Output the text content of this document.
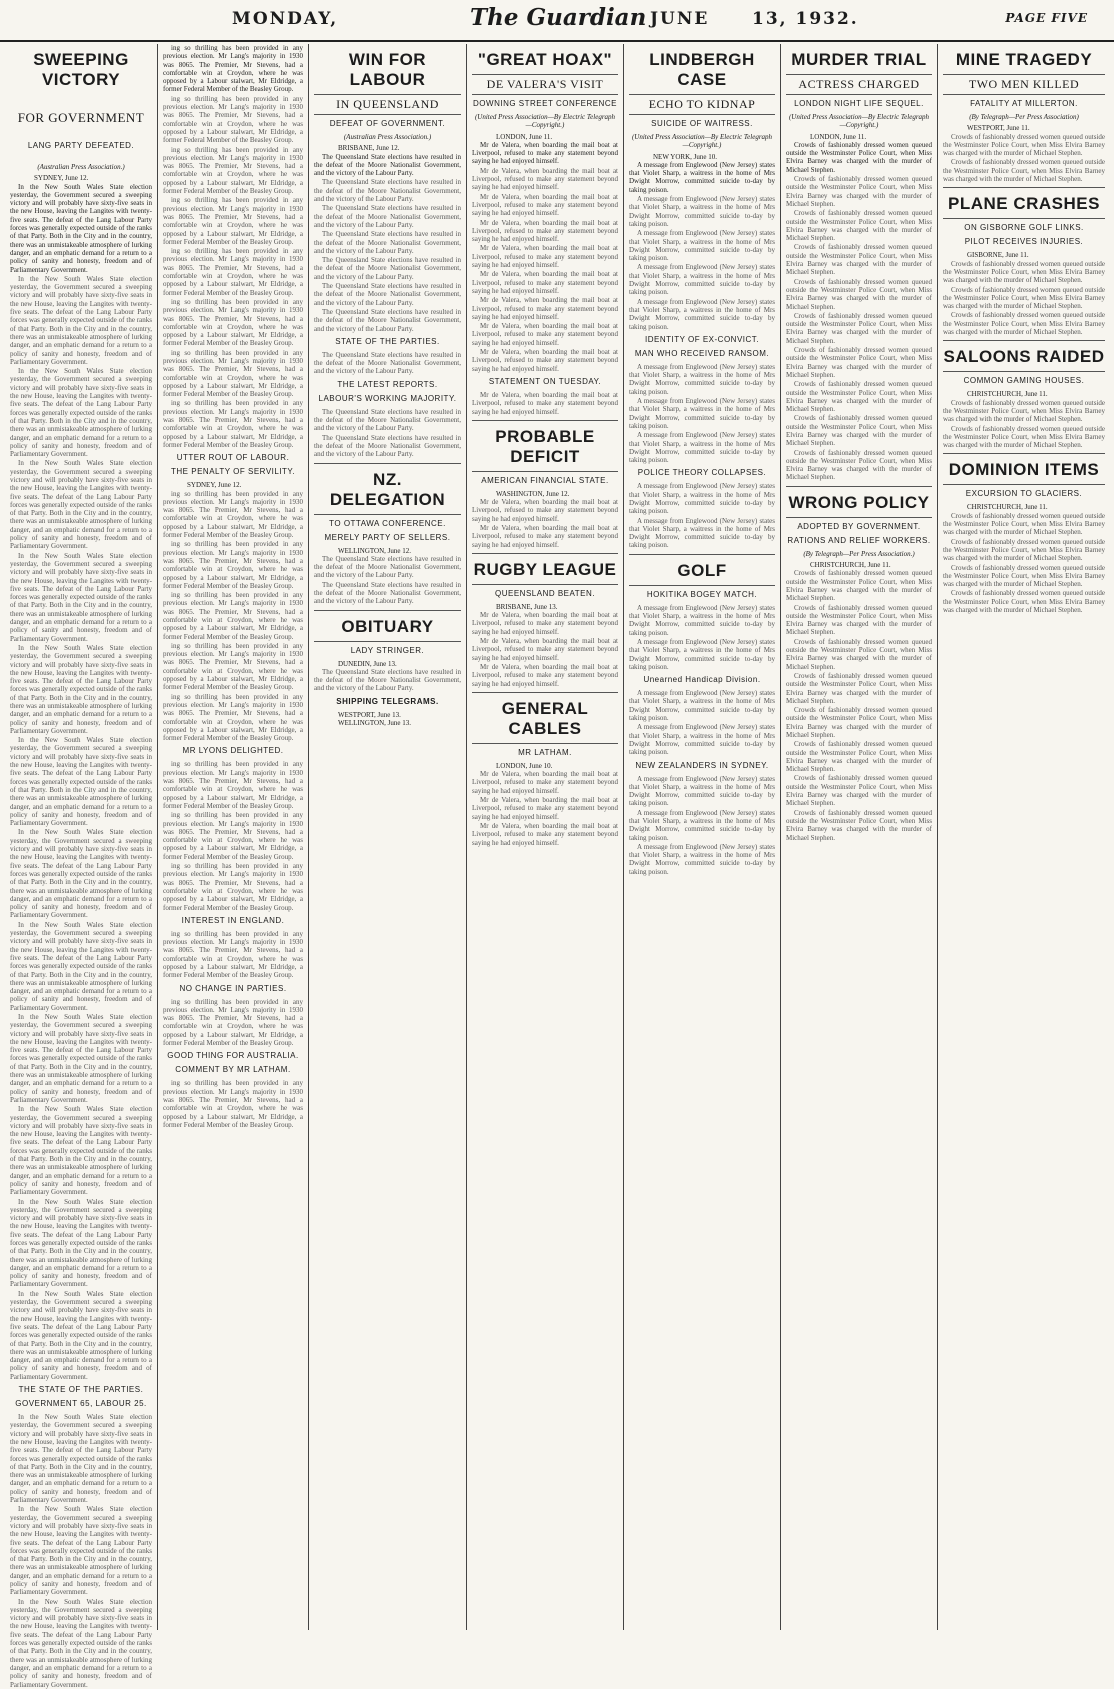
MONDAY,	The Guardian JUNE	13, 1932.	PAGE FIVE
SWEEPING VICTORY
FOR GOVERNMENT
LANG PARTY DEFEATED.
(Australian Press Association.)
SYDNEY, June 12.

In the New South Wales State election yesterday, the Government secured a sweeping victory and will probably have sixty-five seats in the new House, leaving the Langites with twenty-five seats. The defeat of the Lang Labour Party forces was generally expected outside of the ranks of that Party. Both in the City and in the country, there was an unmistakeable atmosphere of lurking danger, and an emphatic demand for a return to a policy of sanity and honesty, freedom and of Parliamentary Government.

In the New South Wales State election yesterday, the Government secured a sweeping victory and will probably have sixty-five seats in the new House, leaving the Langites with twenty-five seats. The defeat of the Lang Labour Party forces was generally expected outside of the ranks of that Party. Both in the City and in the country, there was an unmistakeable atmosphere of lurking danger, and an emphatic demand for a return to a policy of sanity and honesty, freedom and of Parliamentary Government.

In the New South Wales State election yesterday, the Government secured a sweeping victory and will probably have sixty-five seats in the new House, leaving the Langites with twenty-five seats. The defeat of the Lang Labour Party forces was generally expected outside of the ranks of that Party. Both in the City and in the country, there was an unmistakeable atmosphere of lurking danger, and an emphatic demand for a return to a policy of sanity and honesty, freedom and of Parliamentary Government.

In the New South Wales State election yesterday, the Government secured a sweeping victory and will probably have sixty-five seats in the new House, leaving the Langites with twenty-five seats. The defeat of the Lang Labour Party forces was generally expected outside of the ranks of that Party. Both in the City and in the country, there was an unmistakeable atmosphere of lurking danger, and an emphatic demand for a return to a policy of sanity and honesty, freedom and of Parliamentary Government.

In the New South Wales State election yesterday, the Government secured a sweeping victory and will probably have sixty-five seats in the new House, leaving the Langites with twenty-five seats. The defeat of the Lang Labour Party forces was generally expected outside of the ranks of that Party. Both in the City and in the country, there was an unmistakeable atmosphere of lurking danger, and an emphatic demand for a return to a policy of sanity and honesty, freedom and of Parliamentary Government.

In the New South Wales State election yesterday, the Government secured a sweeping victory and will probably have sixty-five seats in the new House, leaving the Langites with twenty-five seats. The defeat of the Lang Labour Party forces was generally expected outside of the ranks of that Party. Both in the City and in the country, there was an unmistakeable atmosphere of lurking danger, and an emphatic demand for a return to a policy of sanity and honesty, freedom and of Parliamentary Government.

In the New South Wales State election yesterday, the Government secured a sweeping victory and will probably have sixty-five seats in the new House, leaving the Langites with twenty-five seats. The defeat of the Lang Labour Party forces was generally expected outside of the ranks of that Party. Both in the City and in the country, there was an unmistakeable atmosphere of lurking danger, and an emphatic demand for a return to a policy of sanity and honesty, freedom and of Parliamentary Government.

In the New South Wales State election yesterday, the Government secured a sweeping victory and will probably have sixty-five seats in the new House, leaving the Langites with twenty-five seats. The defeat of the Lang Labour Party forces was generally expected outside of the ranks of that Party. Both in the City and in the country, there was an unmistakeable atmosphere of lurking danger, and an emphatic demand for a return to a policy of sanity and honesty, freedom and of Parliamentary Government.

In the New South Wales State election yesterday, the Government secured a sweeping victory and will probably have sixty-five seats in the new House, leaving the Langites with twenty-five seats. The defeat of the Lang Labour Party forces was generally expected outside of the ranks of that Party. Both in the City and in the country, there was an unmistakeable atmosphere of lurking danger, and an emphatic demand for a return to a policy of sanity and honesty, freedom and of Parliamentary Government.

In the New South Wales State election yesterday, the Government secured a sweeping victory and will probably have sixty-five seats in the new House, leaving the Langites with twenty-five seats. The defeat of the Lang Labour Party forces was generally expected outside of the ranks of that Party. Both in the City and in the country, there was an unmistakeable atmosphere of lurking danger, and an emphatic demand for a return to a policy of sanity and honesty, freedom and of Parliamentary Government.

In the New South Wales State election yesterday, the Government secured a sweeping victory and will probably have sixty-five seats in the new House, leaving the Langites with twenty-five seats. The defeat of the Lang Labour Party forces was generally expected outside of the ranks of that Party. Both in the City and in the country, there was an unmistakeable atmosphere of lurking danger, and an emphatic demand for a return to a policy of sanity and honesty, freedom and of Parliamentary Government.

In the New South Wales State election yesterday, the Government secured a sweeping victory and will probably have sixty-five seats in the new House, leaving the Langites with twenty-five seats. The defeat of the Lang Labour Party forces was generally expected outside of the ranks of that Party. Both in the City and in the country, there was an unmistakeable atmosphere of lurking danger, and an emphatic demand for a return to a policy of sanity and honesty, freedom and of Parliamentary Government.

In the New South Wales State election yesterday, the Government secured a sweeping victory and will probably have sixty-five seats in the new House, leaving the Langites with twenty-five seats. The defeat of the Lang Labour Party forces was generally expected outside of the ranks of that Party. Both in the City and in the country, there was an unmistakeable atmosphere of lurking danger, and an emphatic demand for a return to a policy of sanity and honesty, freedom and of Parliamentary Government.

THE STATE OF THE PARTIES.
GOVERNMENT 65, LABOUR 25.

In the New South Wales State election yesterday, the Government secured a sweeping victory and will probably have sixty-five seats in the new House, leaving the Langites with twenty-five seats. The defeat of the Lang Labour Party forces was generally expected outside of the ranks of that Party. Both in the City and in the country, there was an unmistakeable atmosphere of lurking danger, and an emphatic demand for a return to a policy of sanity and honesty, freedom and of Parliamentary Government.

In the New South Wales State election yesterday, the Government secured a sweeping victory and will probably have sixty-five seats in the new House, leaving the Langites with twenty-five seats. The defeat of the Lang Labour Party forces was generally expected outside of the ranks of that Party. Both in the City and in the country, there was an unmistakeable atmosphere of lurking danger, and an emphatic demand for a return to a policy of sanity and honesty, freedom and of Parliamentary Government.

In the New South Wales State election yesterday, the Government secured a sweeping victory and will probably have sixty-five seats in the new House, leaving the Langites with twenty-five seats. The defeat of the Lang Labour Party forces was generally expected outside of the ranks of that Party. Both in the City and in the country, there was an unmistakeable atmosphere of lurking danger, and an emphatic demand for a return to a policy of sanity and honesty, freedom and of Parliamentary Government.

ing so thrilling has been provided in any previous election. Mr Lang's majority in 1930 was 8065. The Premier, Mr Stevens, had a comfortable win at Croydon, where he was opposed by a Labour stalwart, Mr Eldridge, a former Federal Member of the Beasley Group.

ing so thrilling has been provided in any previous election. Mr Lang's majority in 1930 was 8065. The Premier, Mr Stevens, had a comfortable win at Croydon, where he was opposed by a Labour stalwart, Mr Eldridge, a former Federal Member of the Beasley Group.

ing so thrilling has been provided in any previous election. Mr Lang's majority in 1930 was 8065. The Premier, Mr Stevens, had a comfortable win at Croydon, where he was opposed by a Labour stalwart, Mr Eldridge, a former Federal Member of the Beasley Group.

ing so thrilling has been provided in any previous election. Mr Lang's majority in 1930 was 8065. The Premier, Mr Stevens, had a comfortable win at Croydon, where he was opposed by a Labour stalwart, Mr Eldridge, a former Federal Member of the Beasley Group.

ing so thrilling has been provided in any previous election. Mr Lang's majority in 1930 was 8065. The Premier, Mr Stevens, had a comfortable win at Croydon, where he was opposed by a Labour stalwart, Mr Eldridge, a former Federal Member of the Beasley Group.

ing so thrilling has been provided in any previous election. Mr Lang's majority in 1930 was 8065. The Premier, Mr Stevens, had a comfortable win at Croydon, where he was opposed by a Labour stalwart, Mr Eldridge, a former Federal Member of the Beasley Group.

ing so thrilling has been provided in any previous election. Mr Lang's majority in 1930 was 8065. The Premier, Mr Stevens, had a comfortable win at Croydon, where he was opposed by a Labour stalwart, Mr Eldridge, a former Federal Member of the Beasley Group.

ing so thrilling has been provided in any previous election. Mr Lang's majority in 1930 was 8065. The Premier, Mr Stevens, had a comfortable win at Croydon, where he was opposed by a Labour stalwart, Mr Eldridge, a former Federal Member of the Beasley Group.

UTTER ROUT OF LABOUR.
THE PENALTY OF SERVILITY.
SYDNEY, June 12.

ing so thrilling has been provided in any previous election. Mr Lang's majority in 1930 was 8065. The Premier, Mr Stevens, had a comfortable win at Croydon, where he was opposed by a Labour stalwart, Mr Eldridge, a former Federal Member of the Beasley Group.

ing so thrilling has been provided in any previous election. Mr Lang's majority in 1930 was 8065. The Premier, Mr Stevens, had a comfortable win at Croydon, where he was opposed by a Labour stalwart, Mr Eldridge, a former Federal Member of the Beasley Group.

ing so thrilling has been provided in any previous election. Mr Lang's majority in 1930 was 8065. The Premier, Mr Stevens, had a comfortable win at Croydon, where he was opposed by a Labour stalwart, Mr Eldridge, a former Federal Member of the Beasley Group.

ing so thrilling has been provided in any previous election. Mr Lang's majority in 1930 was 8065. The Premier, Mr Stevens, had a comfortable win at Croydon, where he was opposed by a Labour stalwart, Mr Eldridge, a former Federal Member of the Beasley Group.

ing so thrilling has been provided in any previous election. Mr Lang's majority in 1930 was 8065. The Premier, Mr Stevens, had a comfortable win at Croydon, where he was opposed by a Labour stalwart, Mr Eldridge, a former Federal Member of the Beasley Group.

MR LYONS DELIGHTED.

ing so thrilling has been provided in any previous election. Mr Lang's majority in 1930 was 8065. The Premier, Mr Stevens, had a comfortable win at Croydon, where he was opposed by a Labour stalwart, Mr Eldridge, a former Federal Member of the Beasley Group.

ing so thrilling has been provided in any previous election. Mr Lang's majority in 1930 was 8065. The Premier, Mr Stevens, had a comfortable win at Croydon, where he was opposed by a Labour stalwart, Mr Eldridge, a former Federal Member of the Beasley Group.

ing so thrilling has been provided in any previous election. Mr Lang's majority in 1930 was 8065. The Premier, Mr Stevens, had a comfortable win at Croydon, where he was opposed by a Labour stalwart, Mr Eldridge, a former Federal Member of the Beasley Group.

INTEREST IN ENGLAND.

ing so thrilling has been provided in any previous election. Mr Lang's majority in 1930 was 8065. The Premier, Mr Stevens, had a comfortable win at Croydon, where he was opposed by a Labour stalwart, Mr Eldridge, a former Federal Member of the Beasley Group.

NO CHANGE IN PARTIES.

ing so thrilling has been provided in any previous election. Mr Lang's majority in 1930 was 8065. The Premier, Mr Stevens, had a comfortable win at Croydon, where he was opposed by a Labour stalwart, Mr Eldridge, a former Federal Member of the Beasley Group.

GOOD THING FOR AUSTRALIA.
COMMENT BY MR LATHAM.

ing so thrilling has been provided in any previous election. Mr Lang's majority in 1930 was 8065. The Premier, Mr Stevens, had a comfortable win at Croydon, where he was opposed by a Labour stalwart, Mr Eldridge, a former Federal Member of the Beasley Group.

WIN FOR LABOUR
IN QUEENSLAND
DEFEAT OF GOVERNMENT.
(Australian Press Association.)
BRISBANE, June 12.

The Queensland State elections have resulted in the defeat of the Moore Nationalist Government, and the victory of the Labour Party.

The Queensland State elections have resulted in the defeat of the Moore Nationalist Government, and the victory of the Labour Party.

The Queensland State elections have resulted in the defeat of the Moore Nationalist Government, and the victory of the Labour Party.

The Queensland State elections have resulted in the defeat of the Moore Nationalist Government, and the victory of the Labour Party.

The Queensland State elections have resulted in the defeat of the Moore Nationalist Government, and the victory of the Labour Party.

The Queensland State elections have resulted in the defeat of the Moore Nationalist Government, and the victory of the Labour Party.

The Queensland State elections have resulted in the defeat of the Moore Nationalist Government, and the victory of the Labour Party.

STATE OF THE PARTIES.

The Queensland State elections have resulted in the defeat of the Moore Nationalist Government, and the victory of the Labour Party.

THE LATEST REPORTS.
LABOUR'S WORKING MAJORITY.

The Queensland State elections have resulted in the defeat of the Moore Nationalist Government, and the victory of the Labour Party.

The Queensland State elections have resulted in the defeat of the Moore Nationalist Government, and the victory of the Labour Party.

NZ. DELEGATION
TO OTTAWA CONFERENCE.
MERELY PARTY OF SELLERS.
WELLINGTON, June 12.

The Queensland State elections have resulted in the defeat of the Moore Nationalist Government, and the victory of the Labour Party.

The Queensland State elections have resulted in the defeat of the Moore Nationalist Government, and the victory of the Labour Party.

OBITUARY
LADY STRINGER.
DUNEDIN, June 13.

The Queensland State elections have resulted in the defeat of the Moore Nationalist Government, and the victory of the Labour Party.

SHIPPING TELEGRAMS.
WESTPORT, June 13.
WELLINGTON, June 13.
"GREAT HOAX"
DE VALERA'S VISIT
DOWNING STREET CONFERENCE
(United Press Association—By Electric Telegraph—Copyright.)
LONDON, June 11.

Mr de Valera, when boarding the mail boat at Liverpool, refused to make any statement beyond saying he had enjoyed himself.

Mr de Valera, when boarding the mail boat at Liverpool, refused to make any statement beyond saying he had enjoyed himself.

Mr de Valera, when boarding the mail boat at Liverpool, refused to make any statement beyond saying he had enjoyed himself.

Mr de Valera, when boarding the mail boat at Liverpool, refused to make any statement beyond saying he had enjoyed himself.

Mr de Valera, when boarding the mail boat at Liverpool, refused to make any statement beyond saying he had enjoyed himself.

Mr de Valera, when boarding the mail boat at Liverpool, refused to make any statement beyond saying he had enjoyed himself.

Mr de Valera, when boarding the mail boat at Liverpool, refused to make any statement beyond saying he had enjoyed himself.

Mr de Valera, when boarding the mail boat at Liverpool, refused to make any statement beyond saying he had enjoyed himself.

Mr de Valera, when boarding the mail boat at Liverpool, refused to make any statement beyond saying he had enjoyed himself.

STATEMENT ON TUESDAY.

Mr de Valera, when boarding the mail boat at Liverpool, refused to make any statement beyond saying he had enjoyed himself.

PROBABLE DEFICIT
AMERICAN FINANCIAL STATE.
WASHINGTON, June 12.

Mr de Valera, when boarding the mail boat at Liverpool, refused to make any statement beyond saying he had enjoyed himself.

Mr de Valera, when boarding the mail boat at Liverpool, refused to make any statement beyond saying he had enjoyed himself.

RUGBY LEAGUE
QUEENSLAND BEATEN.
BRISBANE, June 13.

Mr de Valera, when boarding the mail boat at Liverpool, refused to make any statement beyond saying he had enjoyed himself.

Mr de Valera, when boarding the mail boat at Liverpool, refused to make any statement beyond saying he had enjoyed himself.

Mr de Valera, when boarding the mail boat at Liverpool, refused to make any statement beyond saying he had enjoyed himself.

GENERAL CABLES
MR LATHAM.
LONDON, June 10.

Mr de Valera, when boarding the mail boat at Liverpool, refused to make any statement beyond saying he had enjoyed himself.

Mr de Valera, when boarding the mail boat at Liverpool, refused to make any statement beyond saying he had enjoyed himself.

Mr de Valera, when boarding the mail boat at Liverpool, refused to make any statement beyond saying he had enjoyed himself.

LINDBERGH CASE
ECHO TO KIDNAP
SUICIDE OF WAITRESS.
(United Press Association—By Electric Telegraph—Copyright.)
NEW YORK, June 10.

A message from Englewood (New Jersey) states that Violet Sharp, a waitress in the home of Mrs Dwight Morrow, committed suicide to-day by taking poison.

A message from Englewood (New Jersey) states that Violet Sharp, a waitress in the home of Mrs Dwight Morrow, committed suicide to-day by taking poison.

A message from Englewood (New Jersey) states that Violet Sharp, a waitress in the home of Mrs Dwight Morrow, committed suicide to-day by taking poison.

A message from Englewood (New Jersey) states that Violet Sharp, a waitress in the home of Mrs Dwight Morrow, committed suicide to-day by taking poison.

A message from Englewood (New Jersey) states that Violet Sharp, a waitress in the home of Mrs Dwight Morrow, committed suicide to-day by taking poison.

IDENTITY OF EX-CONVICT.
MAN WHO RECEIVED RANSOM.

A message from Englewood (New Jersey) states that Violet Sharp, a waitress in the home of Mrs Dwight Morrow, committed suicide to-day by taking poison.

A message from Englewood (New Jersey) states that Violet Sharp, a waitress in the home of Mrs Dwight Morrow, committed suicide to-day by taking poison.

A message from Englewood (New Jersey) states that Violet Sharp, a waitress in the home of Mrs Dwight Morrow, committed suicide to-day by taking poison.

POLICE THEORY COLLAPSES.

A message from Englewood (New Jersey) states that Violet Sharp, a waitress in the home of Mrs Dwight Morrow, committed suicide to-day by taking poison.

A message from Englewood (New Jersey) states that Violet Sharp, a waitress in the home of Mrs Dwight Morrow, committed suicide to-day by taking poison.

GOLF
HOKITIKA BOGEY MATCH.

A message from Englewood (New Jersey) states that Violet Sharp, a waitress in the home of Mrs Dwight Morrow, committed suicide to-day by taking poison.

A message from Englewood (New Jersey) states that Violet Sharp, a waitress in the home of Mrs Dwight Morrow, committed suicide to-day by taking poison.

Unearned Handicap Division.

A message from Englewood (New Jersey) states that Violet Sharp, a waitress in the home of Mrs Dwight Morrow, committed suicide to-day by taking poison.

A message from Englewood (New Jersey) states that Violet Sharp, a waitress in the home of Mrs Dwight Morrow, committed suicide to-day by taking poison.

NEW ZEALANDERS IN SYDNEY.

A message from Englewood (New Jersey) states that Violet Sharp, a waitress in the home of Mrs Dwight Morrow, committed suicide to-day by taking poison.

A message from Englewood (New Jersey) states that Violet Sharp, a waitress in the home of Mrs Dwight Morrow, committed suicide to-day by taking poison.

A message from Englewood (New Jersey) states that Violet Sharp, a waitress in the home of Mrs Dwight Morrow, committed suicide to-day by taking poison.

MURDER TRIAL
ACTRESS CHARGED
LONDON NIGHT LIFE SEQUEL.
(United Press Association—By Electric Telegraph—Copyright.)
LONDON, June 11.

Crowds of fashionably dressed women queued outside the Westminster Police Court, when Miss Elvira Barney was charged with the murder of Michael Stephen.

Crowds of fashionably dressed women queued outside the Westminster Police Court, when Miss Elvira Barney was charged with the murder of Michael Stephen.

Crowds of fashionably dressed women queued outside the Westminster Police Court, when Miss Elvira Barney was charged with the murder of Michael Stephen.

Crowds of fashionably dressed women queued outside the Westminster Police Court, when Miss Elvira Barney was charged with the murder of Michael Stephen.

Crowds of fashionably dressed women queued outside the Westminster Police Court, when Miss Elvira Barney was charged with the murder of Michael Stephen.

Crowds of fashionably dressed women queued outside the Westminster Police Court, when Miss Elvira Barney was charged with the murder of Michael Stephen.

Crowds of fashionably dressed women queued outside the Westminster Police Court, when Miss Elvira Barney was charged with the murder of Michael Stephen.

Crowds of fashionably dressed women queued outside the Westminster Police Court, when Miss Elvira Barney was charged with the murder of Michael Stephen.

Crowds of fashionably dressed women queued outside the Westminster Police Court, when Miss Elvira Barney was charged with the murder of Michael Stephen.

Crowds of fashionably dressed women queued outside the Westminster Police Court, when Miss Elvira Barney was charged with the murder of Michael Stephen.

WRONG POLICY
ADOPTED BY GOVERNMENT.
RATIONS AND RELIEF WORKERS.
(By Telegraph—Per Press Association.)
CHRISTCHURCH, June 11.

Crowds of fashionably dressed women queued outside the Westminster Police Court, when Miss Elvira Barney was charged with the murder of Michael Stephen.

Crowds of fashionably dressed women queued outside the Westminster Police Court, when Miss Elvira Barney was charged with the murder of Michael Stephen.

Crowds of fashionably dressed women queued outside the Westminster Police Court, when Miss Elvira Barney was charged with the murder of Michael Stephen.

Crowds of fashionably dressed women queued outside the Westminster Police Court, when Miss Elvira Barney was charged with the murder of Michael Stephen.

Crowds of fashionably dressed women queued outside the Westminster Police Court, when Miss Elvira Barney was charged with the murder of Michael Stephen.

Crowds of fashionably dressed women queued outside the Westminster Police Court, when Miss Elvira Barney was charged with the murder of Michael Stephen.

Crowds of fashionably dressed women queued outside the Westminster Police Court, when Miss Elvira Barney was charged with the murder of Michael Stephen.

Crowds of fashionably dressed women queued outside the Westminster Police Court, when Miss Elvira Barney was charged with the murder of Michael Stephen.

MINE TRAGEDY
TWO MEN KILLED
FATALITY AT MILLERTON.
(By Telegraph—Per Press Association)
WESTPORT, June 11.

Crowds of fashionably dressed women queued outside the Westminster Police Court, when Miss Elvira Barney was charged with the murder of Michael Stephen.

Crowds of fashionably dressed women queued outside the Westminster Police Court, when Miss Elvira Barney was charged with the murder of Michael Stephen.

PLANE CRASHES
ON GISBORNE GOLF LINKS.
PILOT RECEIVES INJURIES.
GISBORNE, June 11.

Crowds of fashionably dressed women queued outside the Westminster Police Court, when Miss Elvira Barney was charged with the murder of Michael Stephen.

Crowds of fashionably dressed women queued outside the Westminster Police Court, when Miss Elvira Barney was charged with the murder of Michael Stephen.

Crowds of fashionably dressed women queued outside the Westminster Police Court, when Miss Elvira Barney was charged with the murder of Michael Stephen.

SALOONS RAIDED
COMMON GAMING HOUSES.
CHRISTCHURCH, June 11.

Crowds of fashionably dressed women queued outside the Westminster Police Court, when Miss Elvira Barney was charged with the murder of Michael Stephen.

Crowds of fashionably dressed women queued outside the Westminster Police Court, when Miss Elvira Barney was charged with the murder of Michael Stephen.

DOMINION ITEMS
EXCURSION TO GLACIERS.
CHRISTCHURCH, June 11.

Crowds of fashionably dressed women queued outside the Westminster Police Court, when Miss Elvira Barney was charged with the murder of Michael Stephen.

Crowds of fashionably dressed women queued outside the Westminster Police Court, when Miss Elvira Barney was charged with the murder of Michael Stephen.

Crowds of fashionably dressed women queued outside the Westminster Police Court, when Miss Elvira Barney was charged with the murder of Michael Stephen.

Crowds of fashionably dressed women queued outside the Westminster Police Court, when Miss Elvira Barney was charged with the murder of Michael Stephen.
